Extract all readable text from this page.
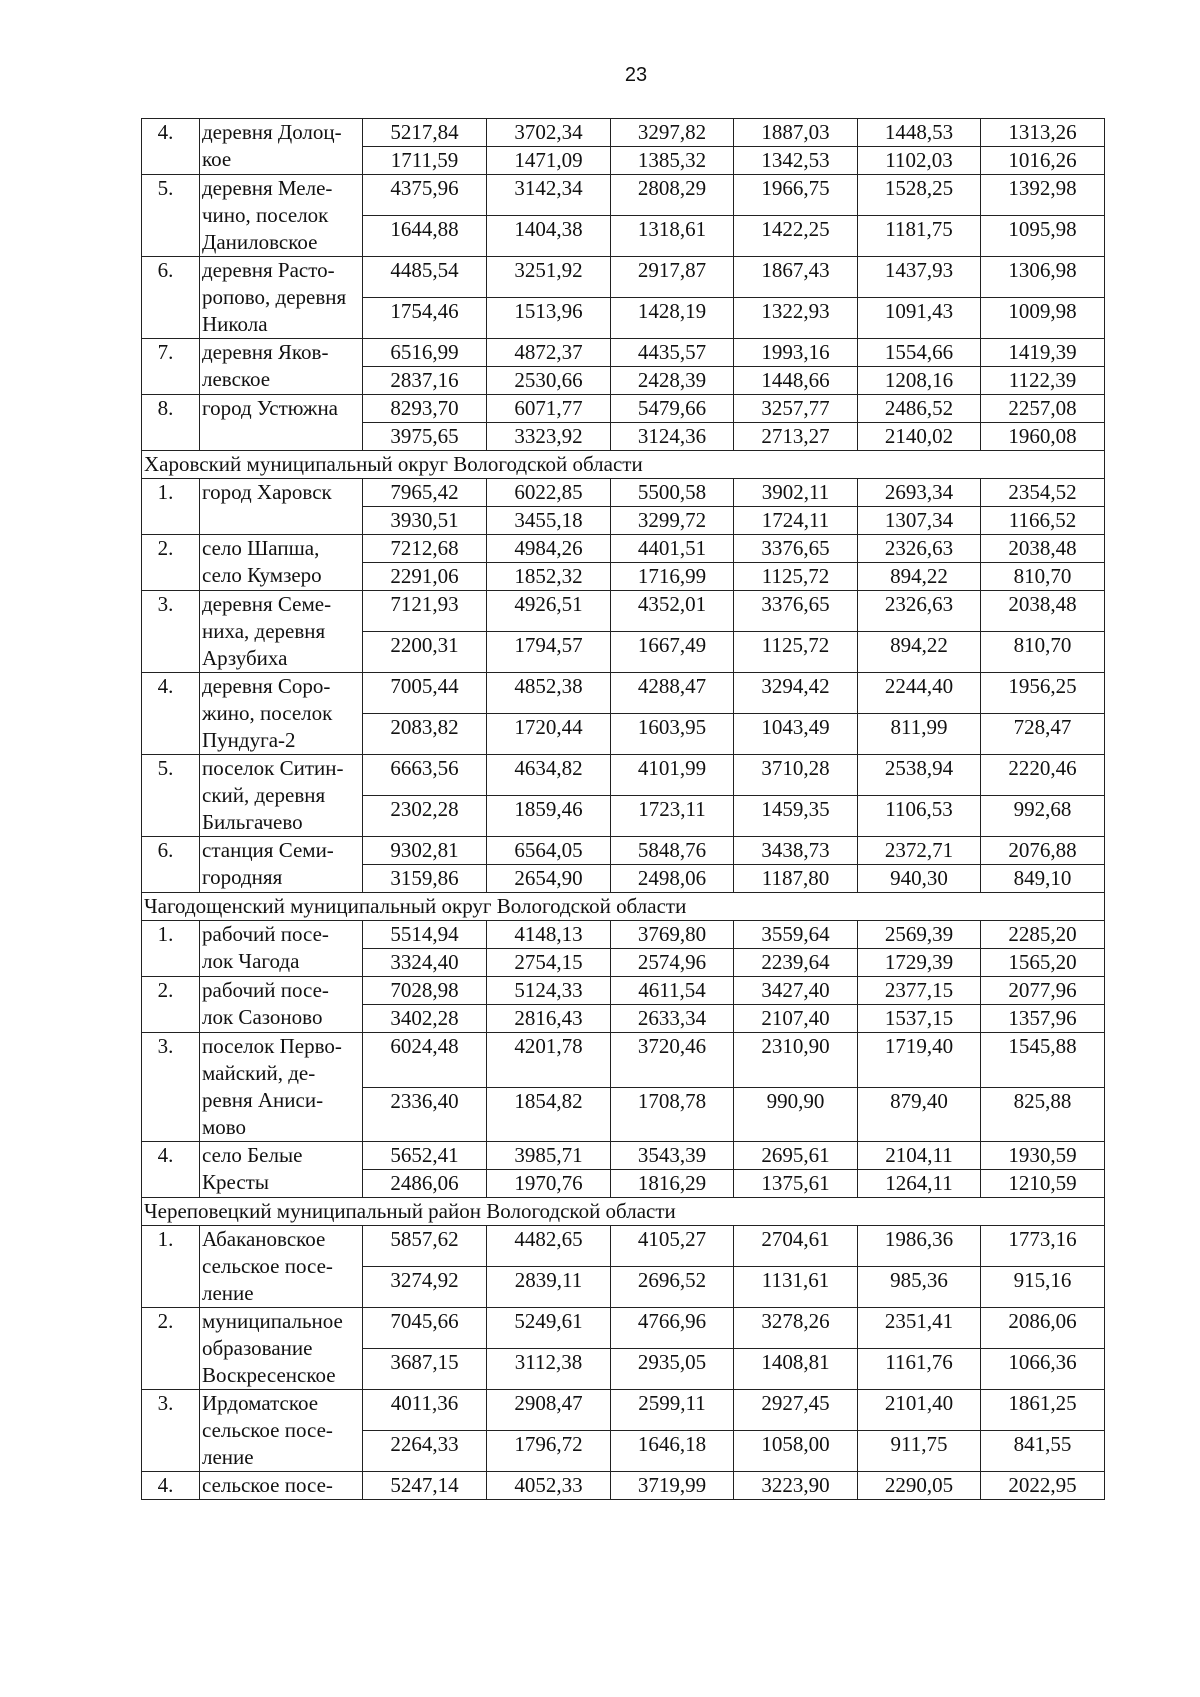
23
4.	деревня Долоц-кое	5217,84	3702,34	3297,82	1887,03	1448,53	1313,26
		1711,59	1471,09	1385,32	1342,53	1102,03	1016,26
5.	деревня Меле-чино, поселок Даниловское	4375,96	3142,34	2808,29	1966,75	1528,25	1392,98
		1644,88	1404,38	1318,61	1422,25	1181,75	1095,98
6.	деревня Расто-ропово, деревня Никола	4485,54	3251,92	2917,87	1867,43	1437,93	1306,98
		1754,46	1513,96	1428,19	1322,93	1091,43	1009,98
7.	деревня Яков-левское	6516,99	4872,37	4435,57	1993,16	1554,66	1419,39
		2837,16	2530,66	2428,39	1448,66	1208,16	1122,39
8.	город Устюжна	8293,70	6071,77	5479,66	3257,77	2486,52	2257,08
		3975,65	3323,92	3124,36	2713,27	2140,02	1960,08
Харовский муниципальный округ Вологодской области							
1.	город Харовск	7965,42	6022,85	5500,58	3902,11	2693,34	2354,52
		3930,51	3455,18	3299,72	1724,11	1307,34	1166,52
2.	село Шапша, село Кумзеро	7212,68	4984,26	4401,51	3376,65	2326,63	2038,48
		2291,06	1852,32	1716,99	1125,72	894,22	810,70
3.	деревня Семе-ниха, деревня Арзубиха	7121,93	4926,51	4352,01	3376,65	2326,63	2038,48
		2200,31	1794,57	1667,49	1125,72	894,22	810,70
4.	деревня Соро-жино, поселок Пундуга-2	7005,44	4852,38	4288,47	3294,42	2244,40	1956,25
		2083,82	1720,44	1603,95	1043,49	811,99	728,47
5.	поселок Ситин-ский, деревня Бильгачево	6663,56	4634,82	4101,99	3710,28	2538,94	2220,46
		2302,28	1859,46	1723,11	1459,35	1106,53	992,68
6.	станция Семи-городняя	9302,81	6564,05	5848,76	3438,73	2372,71	2076,88
		3159,86	2654,90	2498,06	1187,80	940,30	849,10
Чагодощенский муниципальный округ Вологодской области							
1.	рабочий посе-лок Чагода	5514,94	4148,13	3769,80	3559,64	2569,39	2285,20
		3324,40	2754,15	2574,96	2239,64	1729,39	1565,20
2.	рабочий посе-лок Сазоново	7028,98	5124,33	4611,54	3427,40	2377,15	2077,96
		3402,28	2816,43	2633,34	2107,40	1537,15	1357,96
3.	поселок Перво-майский, де-ревня Аниси-мово	6024,48	4201,78	3720,46	2310,90	1719,40	1545,88
		2336,40	1854,82	1708,78	990,90	879,40	825,88
4.	село Белые Кресты	5652,41	3985,71	3543,39	2695,61	2104,11	1930,59
		2486,06	1970,76	1816,29	1375,61	1264,11	1210,59
Череповецкий муниципальный район Вологодской области							
1.	Абакановское сельское посе-ление	5857,62	4482,65	4105,27	2704,61	1986,36	1773,16
		3274,92	2839,11	2696,52	1131,61	985,36	915,16
2.	муниципальное образование Воскресенское	7045,66	5249,61	4766,96	3278,26	2351,41	2086,06
		3687,15	3112,38	2935,05	1408,81	1161,76	1066,36
3.	Ирдоматское сельское посе-ление	4011,36	2908,47	2599,11	2927,45	2101,40	1861,25
		2264,33	1796,72	1646,18	1058,00	911,75	841,55
4.	сельское посе-	5247,14	4052,33	3719,99	3223,90	2290,05	2022,95
